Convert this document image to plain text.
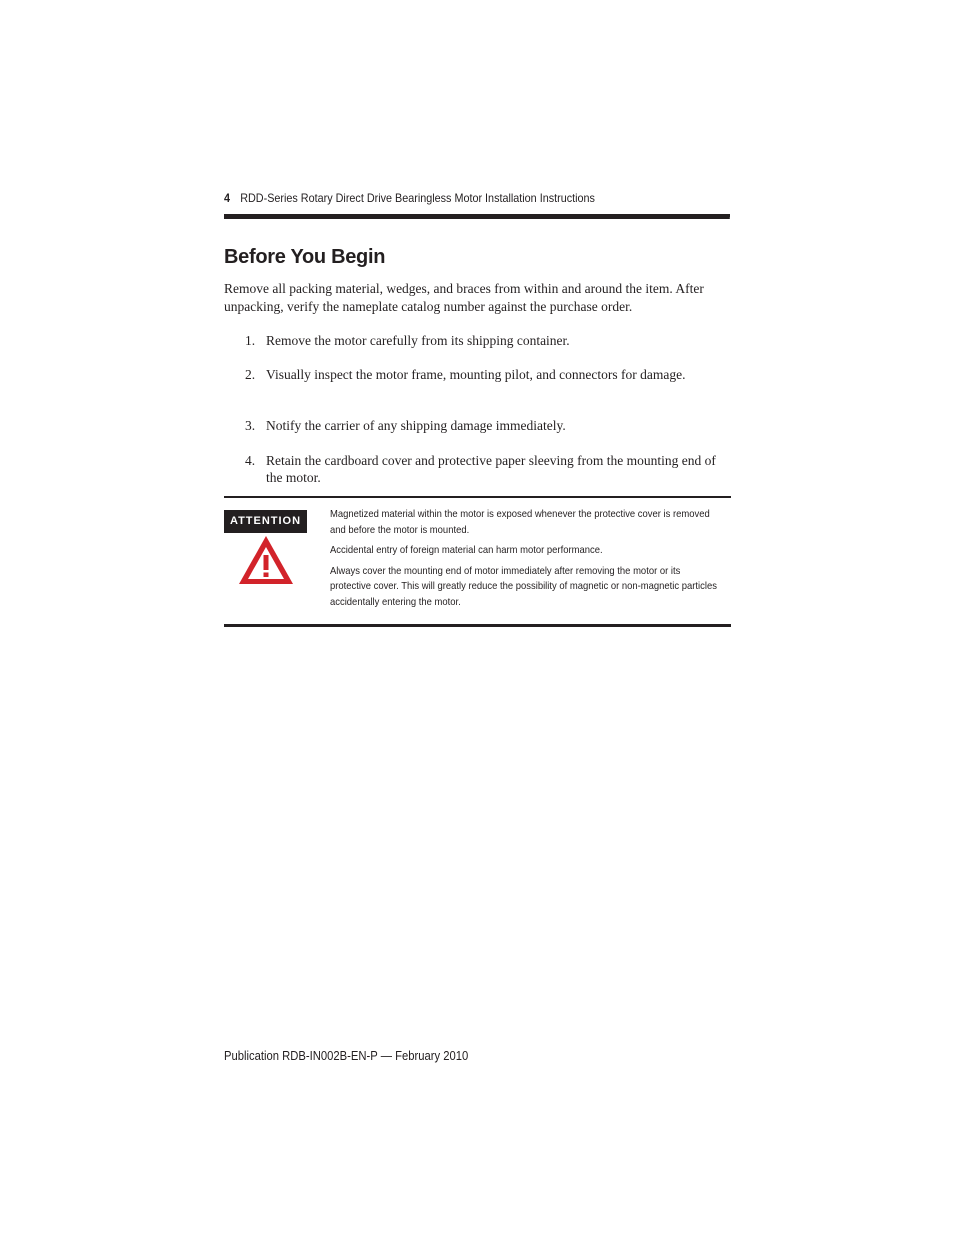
4 RDD-Series Rotary Direct Drive Bearingless Motor Installation Instructions
Before You Begin

Remove all packing material, wedges, and braces from within and around the item. After unpacking, verify the nameplate catalog number against the purchase order.

1. Remove the motor carefully from its shipping container.
2. Visually inspect the motor frame, mounting pilot, and connectors for damage.
3. Notify the carrier of any shipping damage immediately.
4. Retain the cardboard cover and protective paper sleeving from the mounting end of the motor.
ATTENTION

Magnetized material within the motor is exposed whenever the protective cover is removed and before the motor is mounted.

Accidental entry of foreign material can harm motor performance.

Always cover the mounting end of motor immediately after removing the motor or its protective cover. This will greatly reduce the possibility of magnetic or non-magnetic particles accidentally entering the motor.

Publication RDB-IN002B-EN-P — February 2010
